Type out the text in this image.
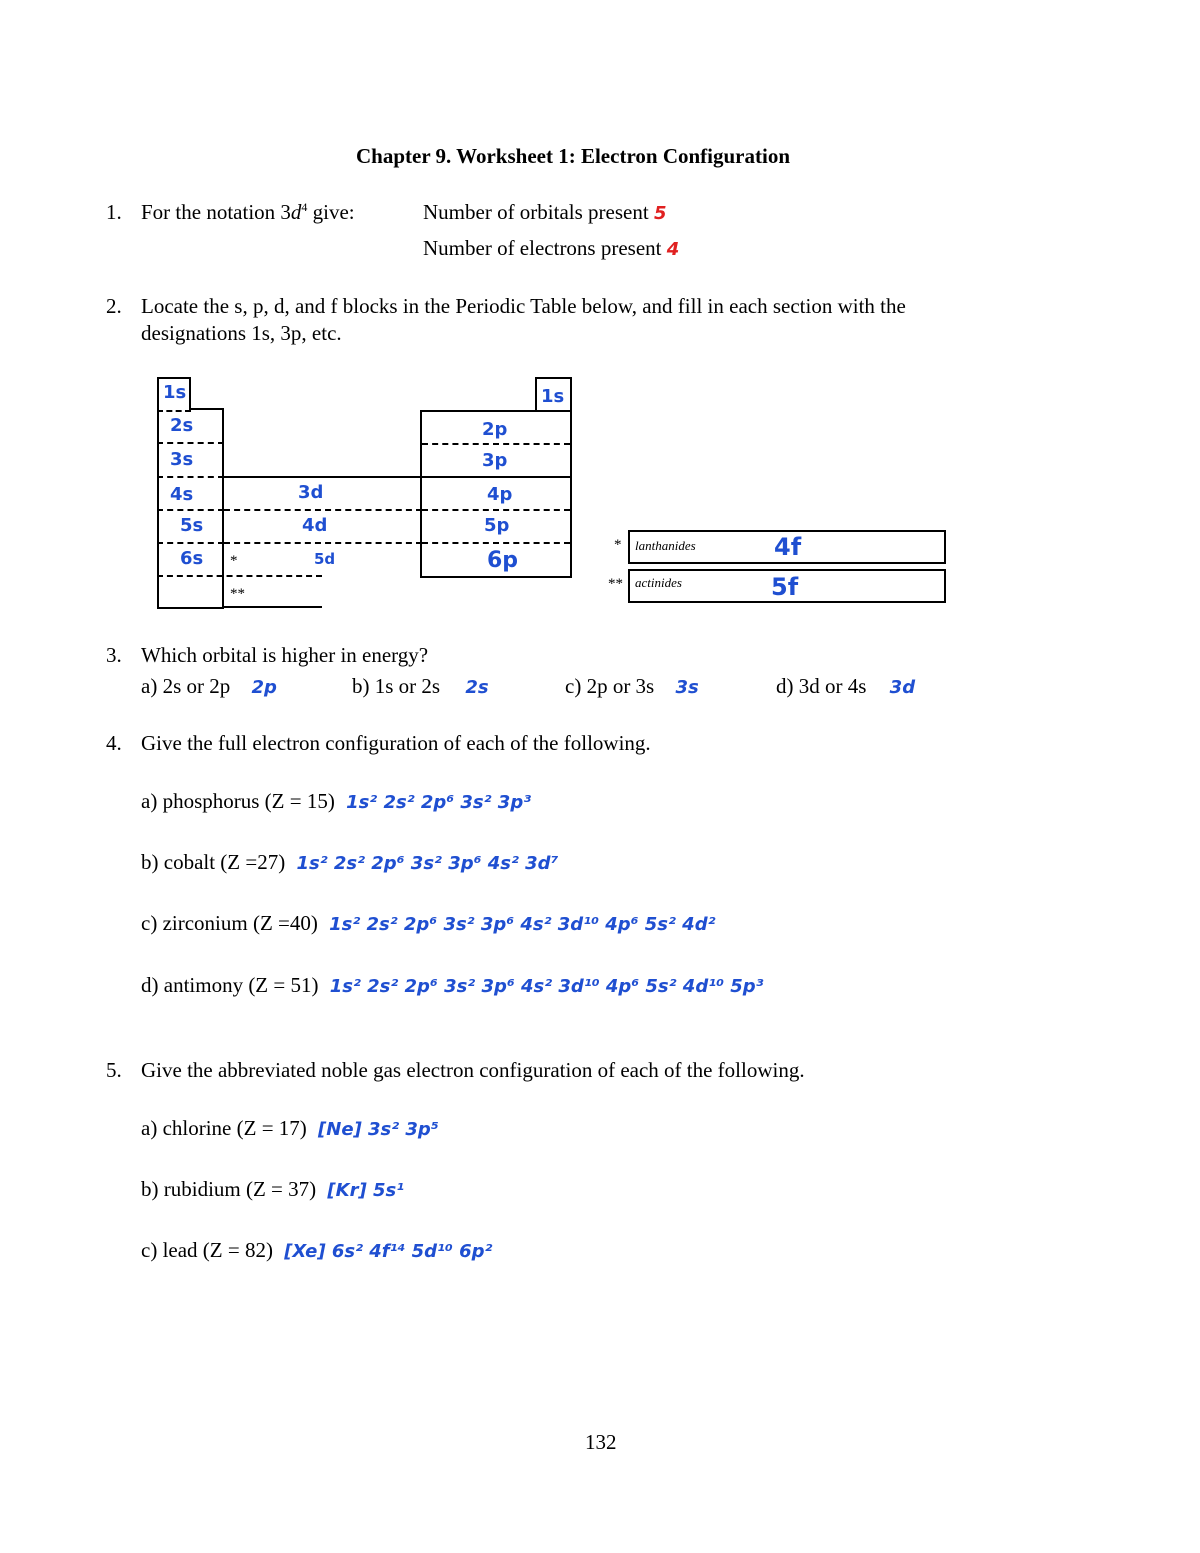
Chapter 9. Worksheet 1: Electron Configuration
1. For the notation $3d^4$ give:	Number of orbitals present 5
Number of electrons present 4
2. Locate the s, p, d, and f blocks in the Periodic Table below, and fill in each section with the
designations 1s, 3p, etc.
1s
2s
3s
4s
5s
6s
3d
4d
5d
*
**
1s
2p
3p
4p
5p
6p
* lanthanides	4f
** actinides	5f
3. Which orbital is higher in energy?
a) 2s or 2p 2p	b) 1s or 2s 2s	c) 2p or 3s 3s	d) 3d or 4s 3d
4. Give the full electron configuration of each of the following.
a) phosphorus (Z = 15) 1s² 2s² 2p⁶ 3s² 3p³
b) cobalt (Z =27) 1s² 2s² 2p⁶ 3s² 3p⁶ 4s² 3d⁷
c) zirconium (Z =40) 1s² 2s² 2p⁶ 3s² 3p⁶ 4s² 3d¹⁰ 4p⁶ 5s² 4d²
d) antimony (Z = 51) 1s² 2s² 2p⁶ 3s² 3p⁶ 4s² 3d¹⁰ 4p⁶ 5s² 4d¹⁰ 5p³
5. Give the abbreviated noble gas electron configuration of each of the following.
a) chlorine (Z = 17) [Ne] 3s² 3p⁵
b) rubidium (Z = 37) [Kr] 5s¹
c) lead (Z = 82) [Xe] 6s² 4f¹⁴ 5d¹⁰ 6p²
132
